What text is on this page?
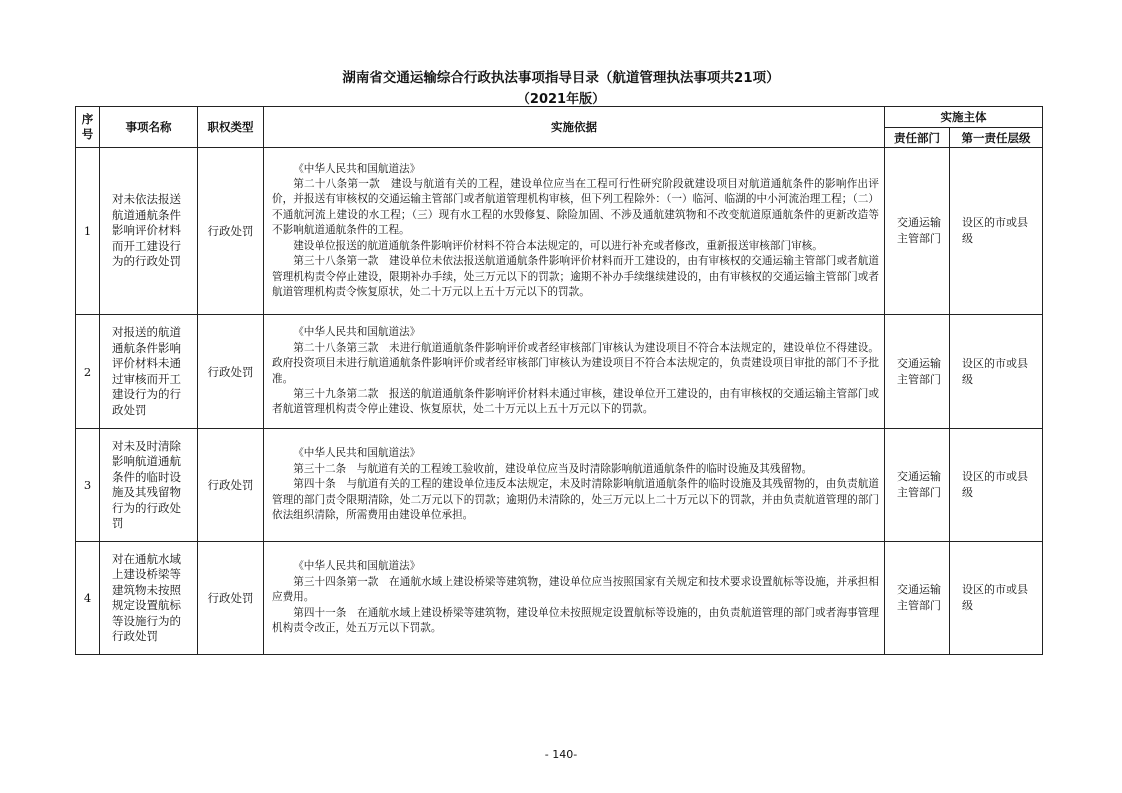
湖南省交通运输综合行政执法事项指导目录（航道管理执法事项共21项）
（2021年版）
序号	事项名称	职权类型	实施依据	实施主体	
				责任部门	第一责任层级
1	对未依法报送航道通航条件影响评价材料而开工建设行为的行政处罚	行政处罚	《中华人民共和国航道法》
第二十八条第一款　建设与航道有关的工程，建设单位应当在工程可行性研究阶段就建设项目对航道通航条件的影响作出评价，并报送有审核权的交通运输主管部门或者航道管理机构审核，但下列工程除外：（一）临河、临湖的中小河流治理工程；（二）不通航河流上建设的水工程；（三）现有水工程的水毁修复、除险加固、不涉及通航建筑物和不改变航道原通航条件的更新改造等不影响航道通航条件的工程。
建设单位报送的航道通航条件影响评价材料不符合本法规定的，可以进行补充或者修改，重新报送审核部门审核。
第三十八条第一款　建设单位未依法报送航道通航条件影响评价材料而开工建设的，由有审核权的交通运输主管部门或者航道管理机构责令停止建设，限期补办手续，处三万元以下的罚款；逾期不补办手续继续建设的，由有审核权的交通运输主管部门或者航道管理机构责令恢复原状，处二十万元以上五十万元以下的罚款。	交通运输主管部门	设区的市或县级
2	对报送的航道通航条件影响评价材料未通过审核而开工建设行为的行政处罚	行政处罚	《中华人民共和国航道法》
第二十八条第三款　未进行航道通航条件影响评价或者经审核部门审核认为建设项目不符合本法规定的，建设单位不得建设。政府投资项目未进行航道通航条件影响评价或者经审核部门审核认为建设项目不符合本法规定的，负责建设项目审批的部门不予批准。
第三十九条第二款　报送的航道通航条件影响评价材料未通过审核，建设单位开工建设的，由有审核权的交通运输主管部门或者航道管理机构责令停止建设、恢复原状，处二十万元以上五十万元以下的罚款。	交通运输主管部门	设区的市或县级
3	对未及时清除影响航道通航条件的临时设施及其残留物行为的行政处罚	行政处罚	《中华人民共和国航道法》
第三十二条　与航道有关的工程竣工验收前，建设单位应当及时清除影响航道通航条件的临时设施及其残留物。
第四十条　与航道有关的工程的建设单位违反本法规定，未及时清除影响航道通航条件的临时设施及其残留物的，由负责航道管理的部门责令限期清除，处二万元以下的罚款；逾期仍未清除的，处三万元以上二十万元以下的罚款，并由负责航道管理的部门依法组织清除，所需费用由建设单位承担。	交通运输主管部门	设区的市或县级
4	对在通航水域上建设桥梁等建筑物未按照规定设置航标等设施行为的行政处罚	行政处罚	《中华人民共和国航道法》
第三十四条第一款　在通航水域上建设桥梁等建筑物，建设单位应当按照国家有关规定和技术要求设置航标等设施，并承担相应费用。
第四十一条　在通航水域上建设桥梁等建筑物，建设单位未按照规定设置航标等设施的，由负责航道管理的部门或者海事管理机构责令改正，处五万元以下罚款。	交通运输主管部门	设区的市或县级
- 140-
